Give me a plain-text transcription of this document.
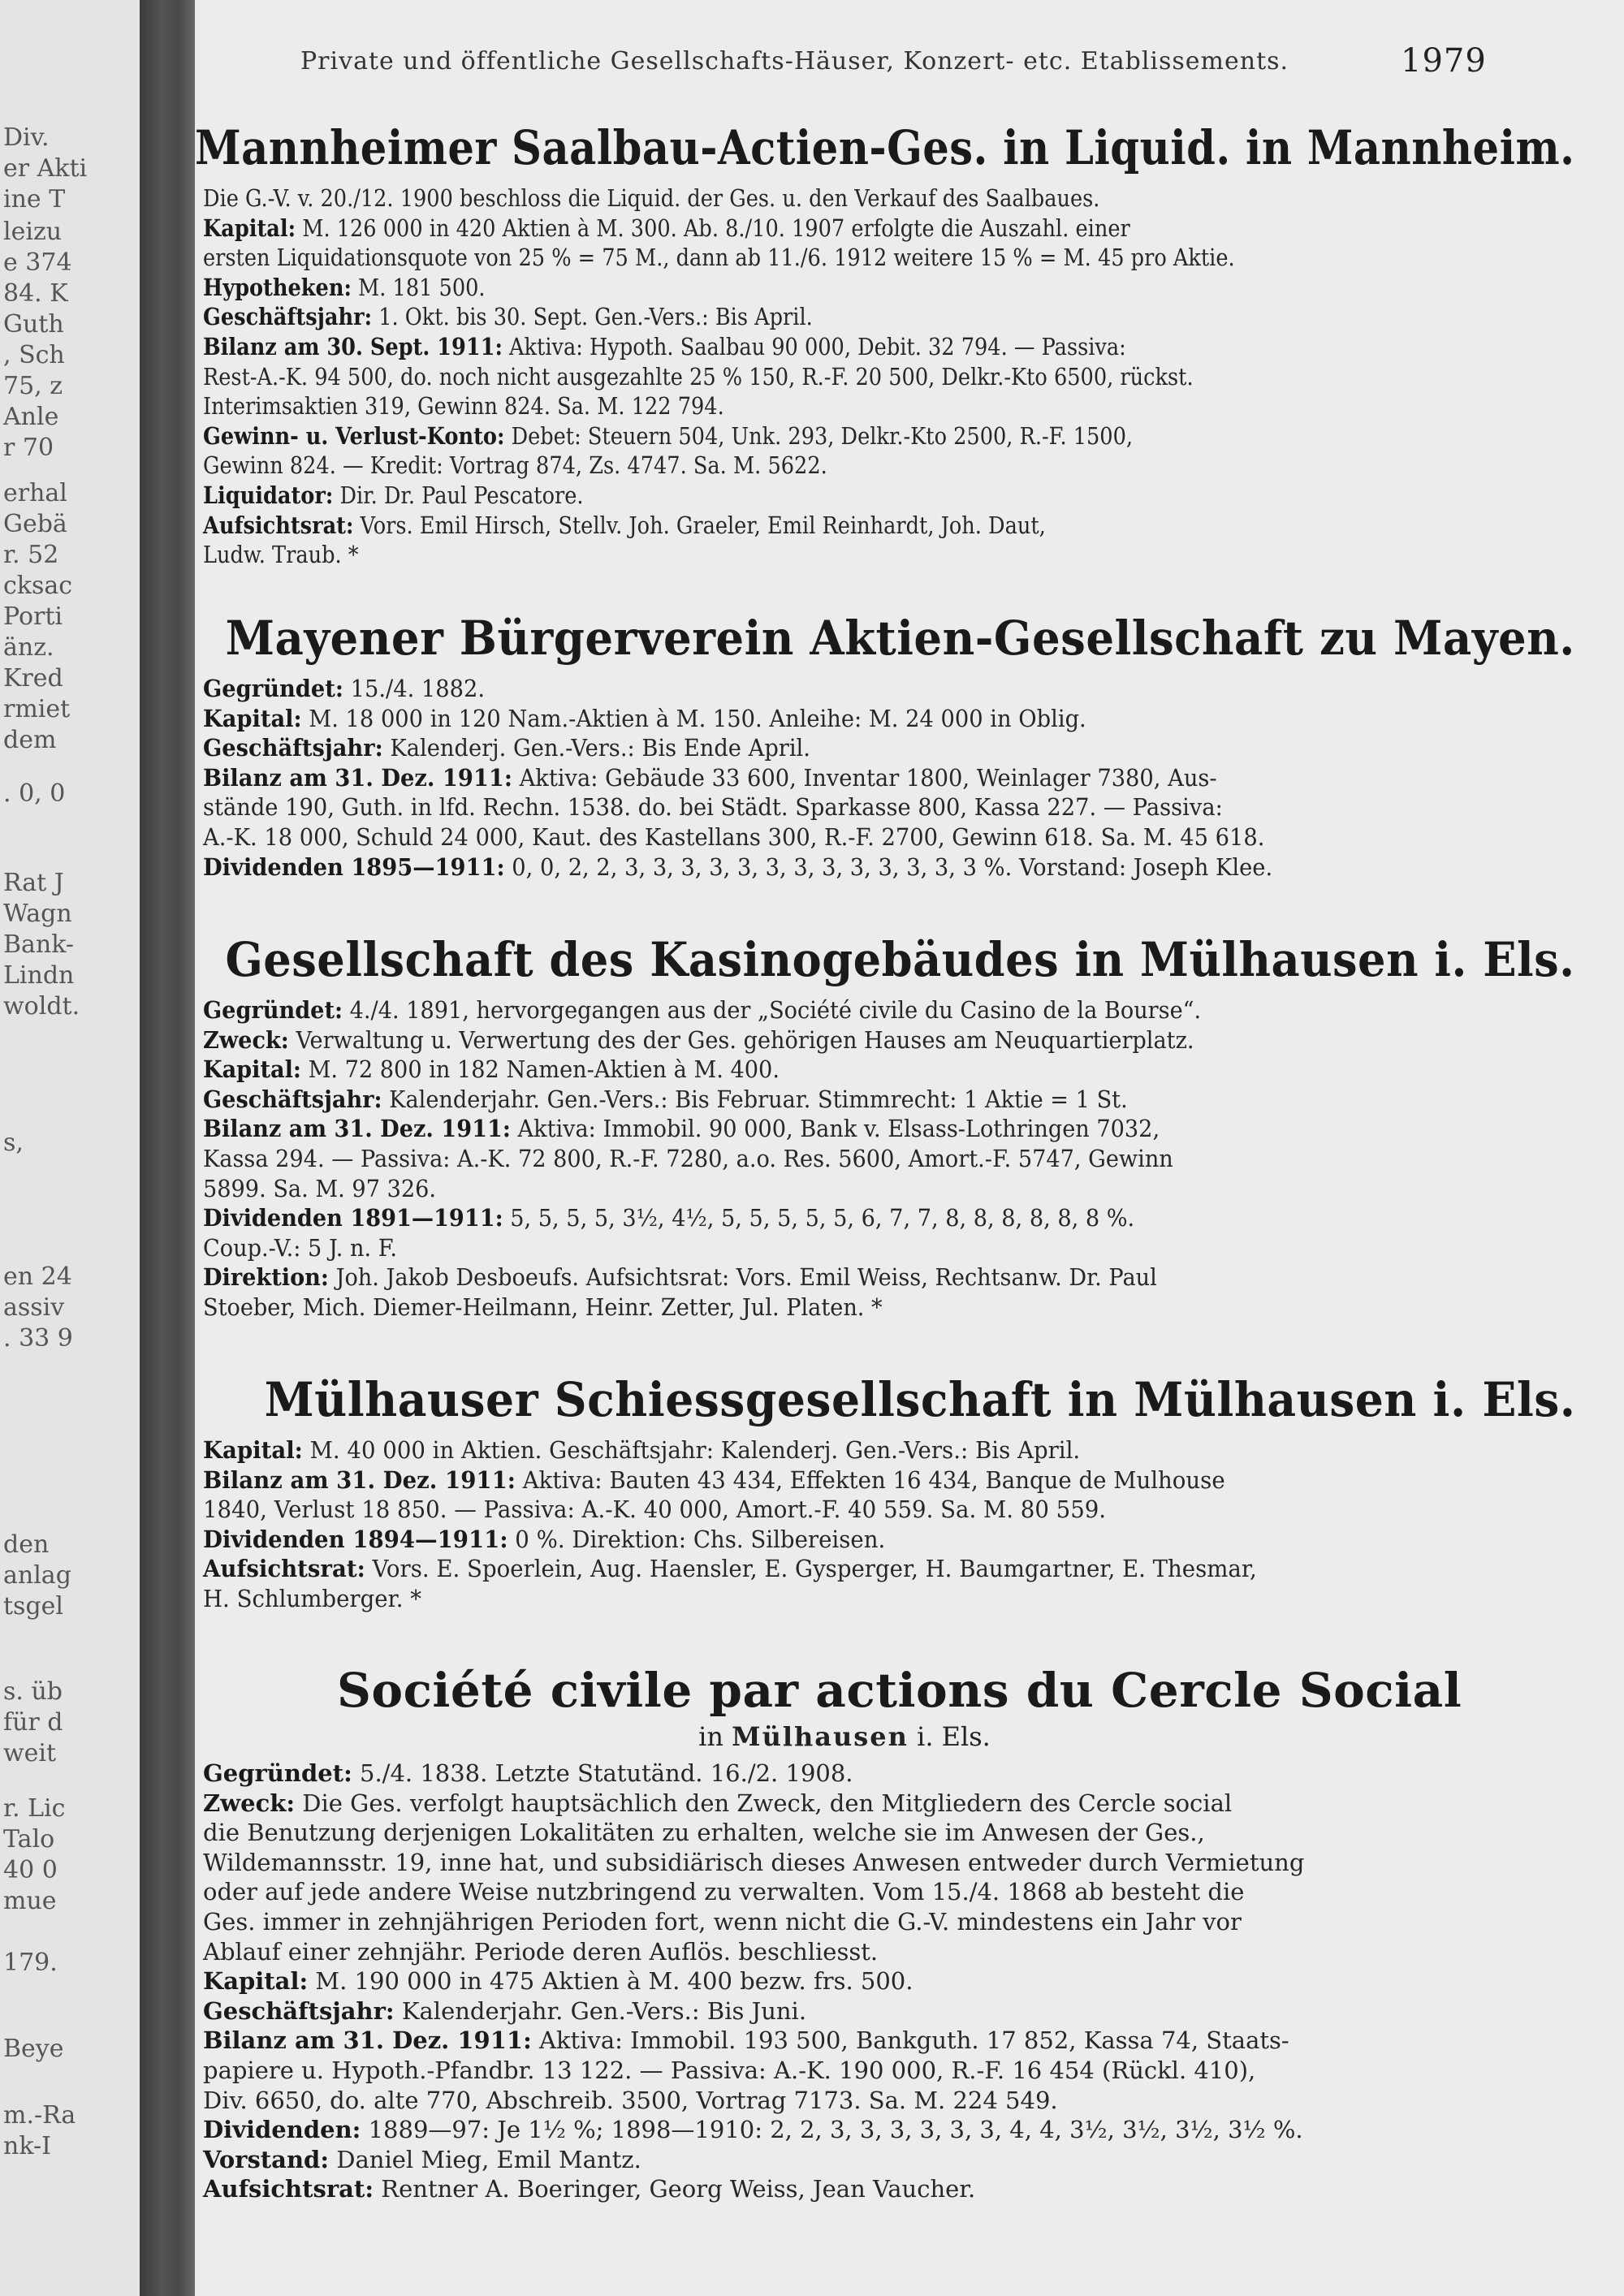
Div.
er Akti
ine T
leizu
e 374
84. K
Guth
, Sch
75, z
Anle
r 70
erhal
Gebä
r. 52
cksac
Porti
änz.
Kred
rmiet
dem
. 0, 0
Rat J
Wagn
Bank-
Lindn
woldt.
s,
en 24
assiv
. 33 9
den
anlag
tsgel
s. üb
für d
weit
r. Lic
Talo
40 0
mue
179.
Beye
m.-Ra
nk-I
Private und öffentliche Gesellschafts-Häuser, Konzert- etc. Etablissements.	1979
Mannheimer Saalbau-Actien-Ges. in Liquid. in Mannheim.
Die G.-V. v. 20./12. 1900 beschloss die Liquid. der Ges. u. den Verkauf des Saalbaues.
Kapital: M. 126 000 in 420 Aktien à M. 300. Ab. 8./10. 1907 erfolgte die Auszahl. einer
ersten Liquidationsquote von 25 % = 75 M., dann ab 11./6. 1912 weitere 15 % = M. 45 pro Aktie.
Hypotheken: M. 181 500.
Geschäftsjahr: 1. Okt. bis 30. Sept. Gen.-Vers.: Bis April.
Bilanz am 30. Sept. 1911: Aktiva: Hypoth. Saalbau 90 000, Debit. 32 794. — Passiva:
Rest-A.-K. 94 500, do. noch nicht ausgezahlte 25 % 150, R.-F. 20 500, Delkr.-Kto 6500, rückst.
Interimsaktien 319, Gewinn 824. Sa. M. 122 794.
Gewinn- u. Verlust-Konto: Debet: Steuern 504, Unk. 293, Delkr.-Kto 2500, R.-F. 1500,
Gewinn 824. — Kredit: Vortrag 874, Zs. 4747. Sa. M. 5622.
Liquidator: Dir. Dr. Paul Pescatore.
Aufsichtsrat: Vors. Emil Hirsch, Stellv. Joh. Graeler, Emil Reinhardt, Joh. Daut,
Ludw. Traub. *
Mayener Bürgerverein Aktien-Gesellschaft zu Mayen.
Gegründet: 15./4. 1882.
Kapital: M. 18 000 in 120 Nam.-Aktien à M. 150. Anleihe: M. 24 000 in Oblig.
Geschäftsjahr: Kalenderj. Gen.-Vers.: Bis Ende April.
Bilanz am 31. Dez. 1911: Aktiva: Gebäude 33 600, Inventar 1800, Weinlager 7380, Aus-
stände 190, Guth. in lfd. Rechn. 1538. do. bei Städt. Sparkasse 800, Kassa 227. — Passiva:
A.-K. 18 000, Schuld 24 000, Kaut. des Kastellans 300, R.-F. 2700, Gewinn 618. Sa. M. 45 618.
Dividenden 1895—1911: 0, 0, 2, 2, 3, 3, 3, 3, 3, 3, 3, 3, 3, 3, 3, 3, 3 %. Vorstand: Joseph Klee.
Gesellschaft des Kasinogebäudes in Mülhausen i. Els.
Gegründet: 4./4. 1891, hervorgegangen aus der „Société civile du Casino de la Bourse“.
Zweck: Verwaltung u. Verwertung des der Ges. gehörigen Hauses am Neuquartierplatz.
Kapital: M. 72 800 in 182 Namen-Aktien à M. 400.
Geschäftsjahr: Kalenderjahr. Gen.-Vers.: Bis Februar. Stimmrecht: 1 Aktie = 1 St.
Bilanz am 31. Dez. 1911: Aktiva: Immobil. 90 000, Bank v. Elsass-Lothringen 7032,
Kassa 294. — Passiva: A.-K. 72 800, R.-F. 7280, a.o. Res. 5600, Amort.-F. 5747, Gewinn
5899. Sa. M. 97 326.
Dividenden 1891—1911: 5, 5, 5, 5, 3½, 4½, 5, 5, 5, 5, 5, 6, 7, 7, 8, 8, 8, 8, 8, 8 %.
Coup.-V.: 5 J. n. F.
Direktion: Joh. Jakob Desboeufs. Aufsichtsrat: Vors. Emil Weiss, Rechtsanw. Dr. Paul
Stoeber, Mich. Diemer-Heilmann, Heinr. Zetter, Jul. Platen. *
Mülhauser Schiessgesellschaft in Mülhausen i. Els.
Kapital: M. 40 000 in Aktien. Geschäftsjahr: Kalenderj. Gen.-Vers.: Bis April.
Bilanz am 31. Dez. 1911: Aktiva: Bauten 43 434, Effekten 16 434, Banque de Mulhouse
1840, Verlust 18 850. — Passiva: A.-K. 40 000, Amort.-F. 40 559. Sa. M. 80 559.
Dividenden 1894—1911: 0 %. Direktion: Chs. Silbereisen.
Aufsichtsrat: Vors. E. Spoerlein, Aug. Haensler, E. Gysperger, H. Baumgartner, E. Thesmar,
H. Schlumberger. *
Société civile par actions du Cercle Social
in Mülhausen i. Els.
Gegründet: 5./4. 1838. Letzte Statutänd. 16./2. 1908.
Zweck: Die Ges. verfolgt hauptsächlich den Zweck, den Mitgliedern des Cercle social
die Benutzung derjenigen Lokalitäten zu erhalten, welche sie im Anwesen der Ges.,
Wildemannsstr. 19, inne hat, und subsidiärisch dieses Anwesen entweder durch Vermietung
oder auf jede andere Weise nutzbringend zu verwalten. Vom 15./4. 1868 ab besteht die
Ges. immer in zehnjährigen Perioden fort, wenn nicht die G.-V. mindestens ein Jahr vor
Ablauf einer zehnjähr. Periode deren Auflös. beschliesst.
Kapital: M. 190 000 in 475 Aktien à M. 400 bezw. frs. 500.
Geschäftsjahr: Kalenderjahr. Gen.-Vers.: Bis Juni.
Bilanz am 31. Dez. 1911: Aktiva: Immobil. 193 500, Bankguth. 17 852, Kassa 74, Staats-
papiere u. Hypoth.-Pfandbr. 13 122. — Passiva: A.-K. 190 000, R.-F. 16 454 (Rückl. 410),
Div. 6650, do. alte 770, Abschreib. 3500, Vortrag 7173. Sa. M. 224 549.
Dividenden: 1889—97: Je 1½ %; 1898—1910: 2, 2, 3, 3, 3, 3, 3, 3, 4, 4, 3½, 3½, 3½, 3½ %.
Vorstand: Daniel Mieg, Emil Mantz.
Aufsichtsrat: Rentner A. Boeringer, Georg Weiss, Jean Vaucher.
